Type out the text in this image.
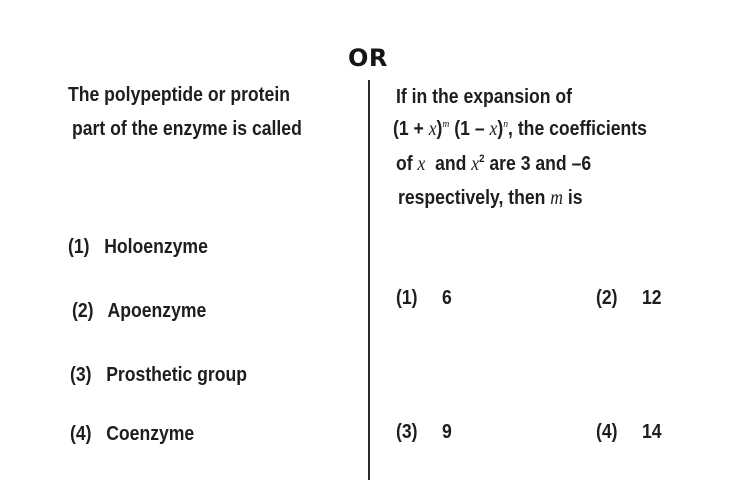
OR
The polypeptide or protein
part of the enzyme is called
(1) Holoenzyme
(2) Apoenzyme
(3) Prosthetic group
(4) Coenzyme
If in the expansion of
$(1 + x)^m$ (1 – x)$^n$, the coefficients
of x  and $x^2$ are 3 and –6
respectively, then m is
(1) 6	(2) 12
(3) 9	(4) 14
